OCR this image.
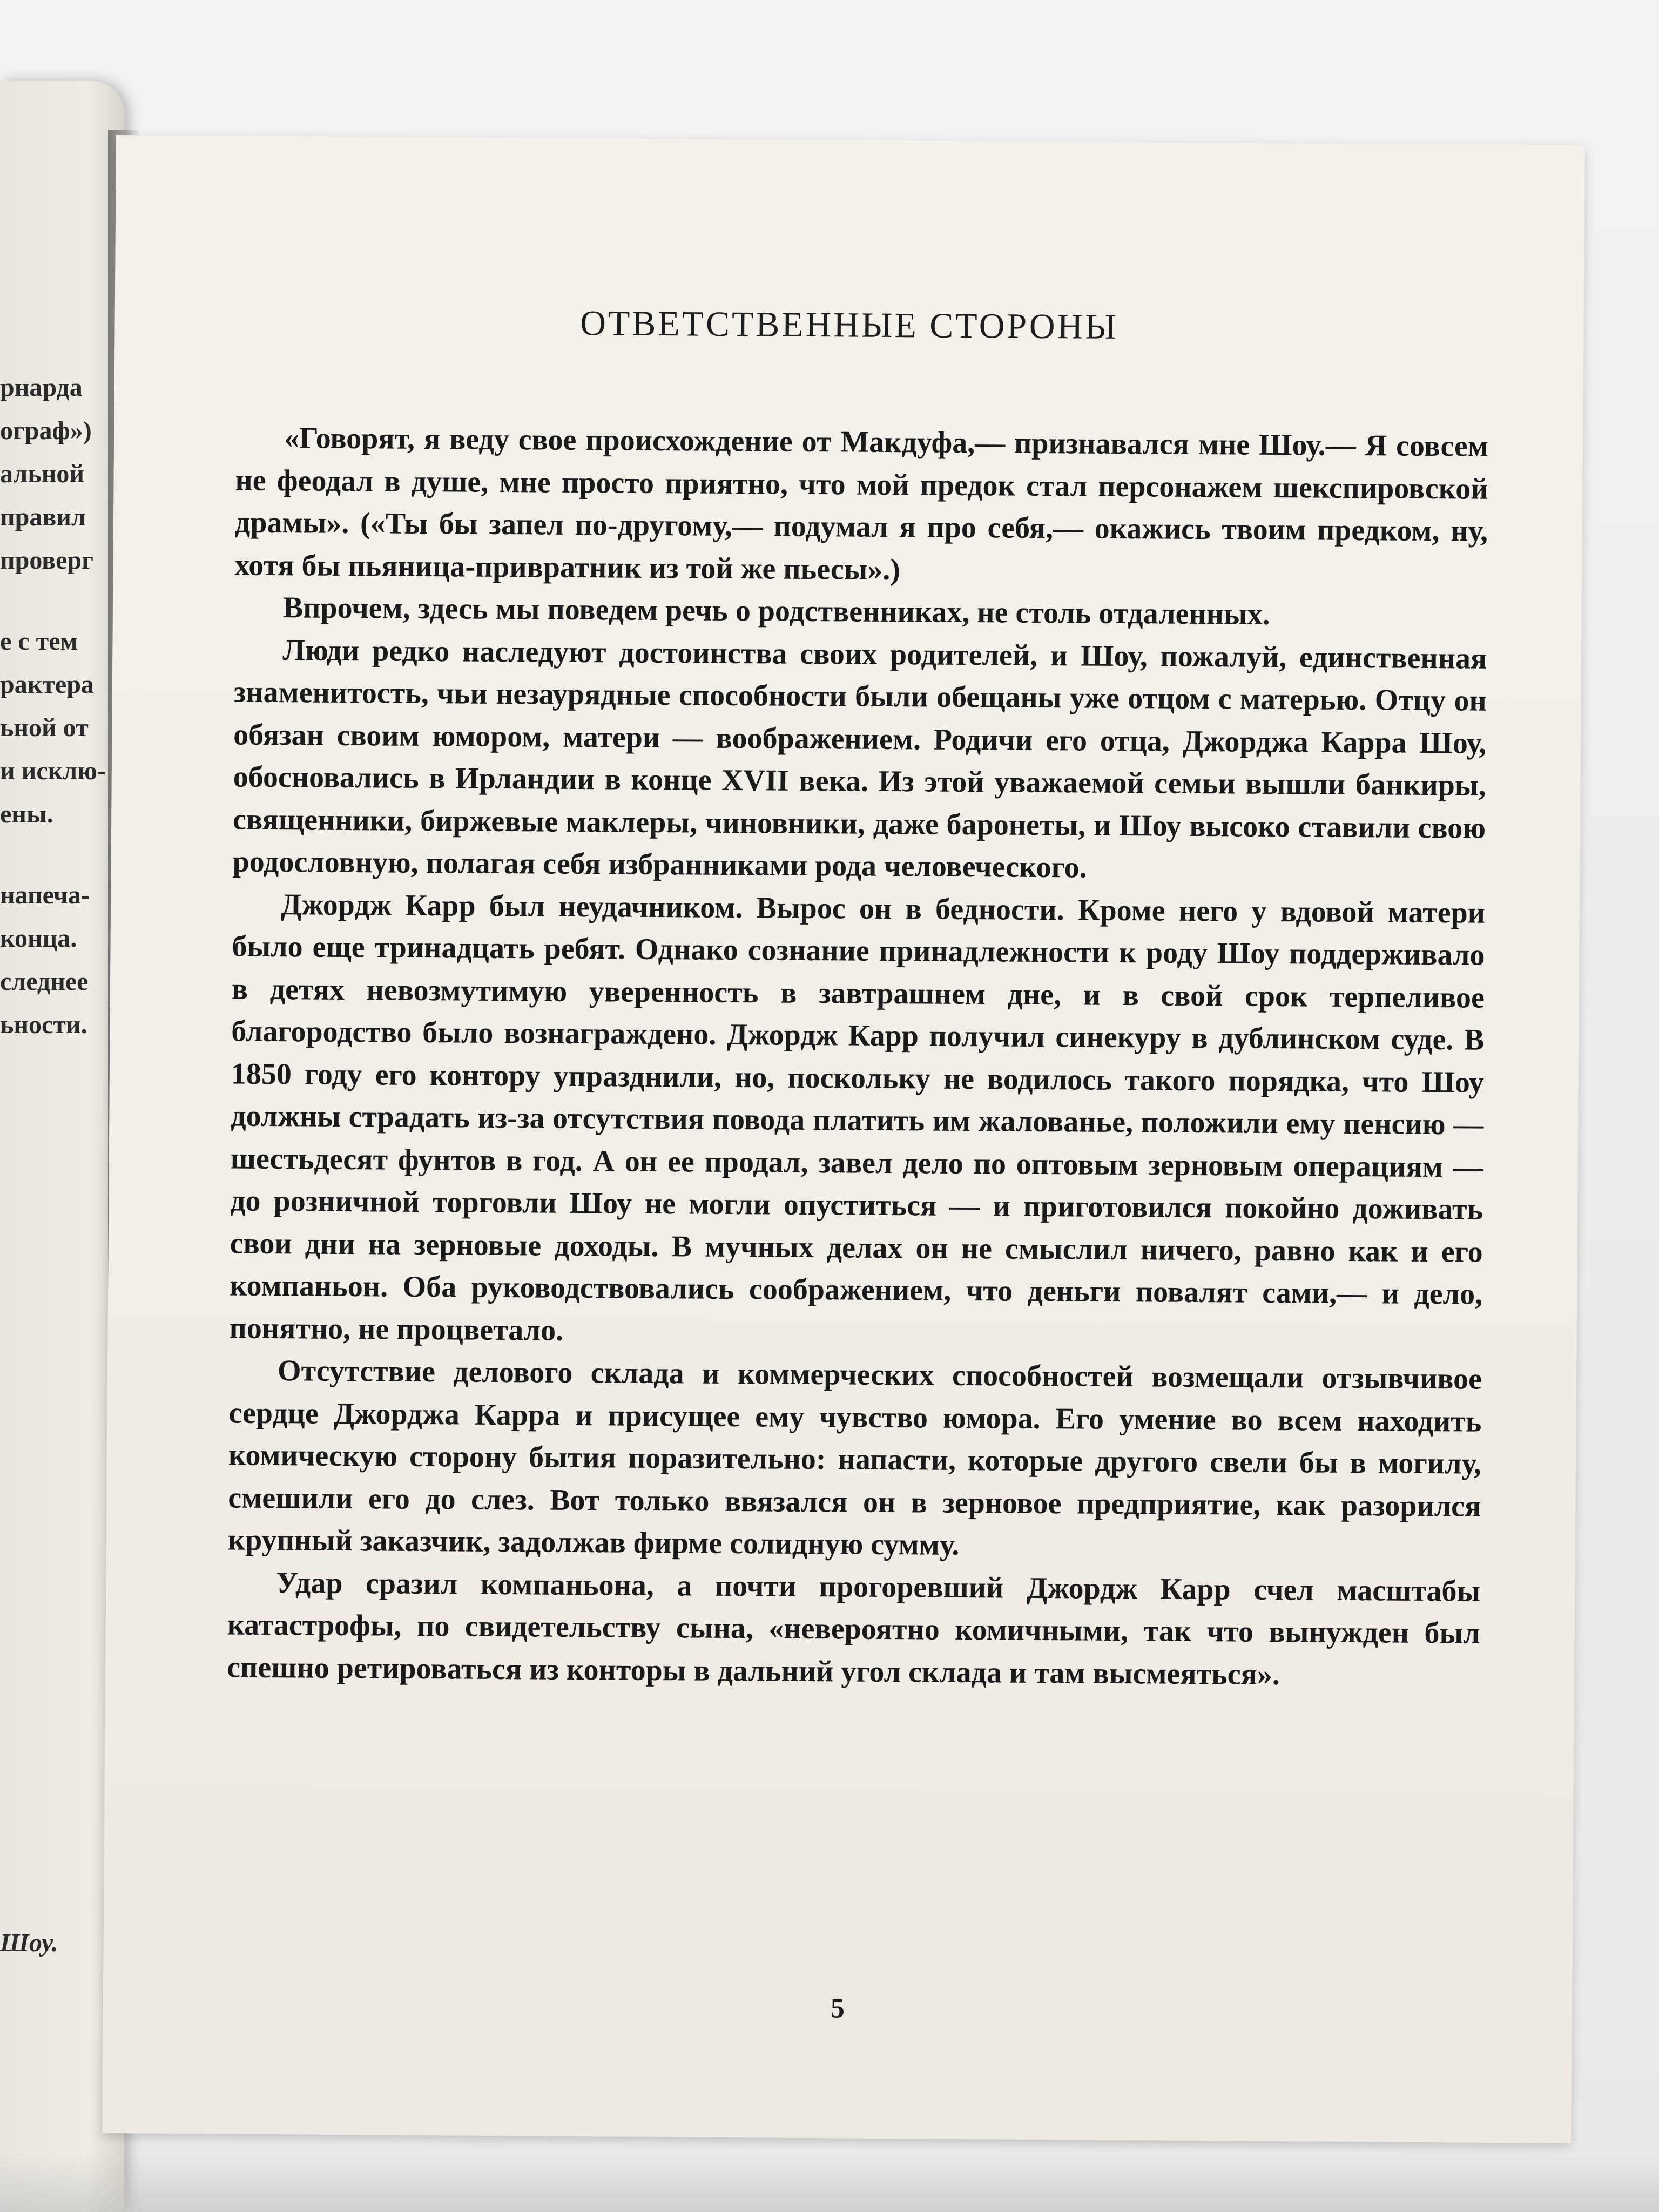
рнарда
ограф»)
альной
правил
проверг
е с тем
рактера
ьной от
и исклю-
ены.
напеча-
конца.
следнее
ьности.
Шоу.
ОТВЕТСТВЕННЫЕ СТОРОНЫ

«Говорят, я веду свое происхождение от Макдуфа,— признавался мне Шоу.— Я совсем не феодал в душе, мне просто приятно, что мой предок стал персонажем шекспировской драмы». («Ты бы запел по-другому,— подумал я про себя,— окажись твоим предком, ну, хотя бы пьяница-привратник из той же пьесы».)

Впрочем, здесь мы поведем речь о родственниках, не столь отдаленных.

Люди редко наследуют достоинства своих родителей, и Шоу, пожалуй, единственная знаменитость, чьи незаурядные способности были обещаны уже отцом с матерью. Отцу он обязан своим юмором, матери — воображением. Родичи его отца, Джорджа Карра Шоу, обосновались в Ирландии в конце XVII века. Из этой уважаемой семьи вышли банкиры, священники, биржевые маклеры, чиновники, даже баронеты, и Шоу высоко ставили свою родословную, полагая себя избранниками рода человеческого.

Джордж Карр был неудачником. Вырос он в бедности. Кроме него у вдовой матери было еще тринадцать ребят. Однако сознание принадлежности к роду Шоу поддерживало в детях невозмутимую уверенность в завтрашнем дне, и в свой срок терпеливое благородство было вознаграждено. Джордж Карр получил синекуру в дублинском суде. В 1850 году его контору упразднили, но, поскольку не водилось такого порядка, что Шоу должны страдать из-за отсутствия повода платить им жалованье, положили ему пенсию — шестьдесят фунтов в год. А он ее продал, завел дело по оптовым зерновым операциям — до розничной торговли Шоу не могли опуститься — и приготовился покойно доживать свои дни на зерновые доходы. В мучных делах он не смыслил ничего, равно как и его компаньон. Оба руководствовались соображением, что деньги повалят сами,— и дело, понятно, не процветало.

Отсутствие делового склада и коммерческих способностей возмещали отзывчивое сердце Джорджа Карра и присущее ему чувство юмора. Его умение во всем находить комическую сторону бытия поразительно: напасти, которые другого свели бы в могилу, смешили его до слез. Вот только ввязался он в зерновое предприятие, как разорился крупный заказчик, задолжав фирме солидную сумму.

Удар сразил компаньона, а почти прогоревший Джордж Карр счел масштабы катастрофы, по свидетельству сына, «невероятно комичными, так что вынужден был спешно ретироваться из конторы в дальний угол склада и там высмеяться».

5
